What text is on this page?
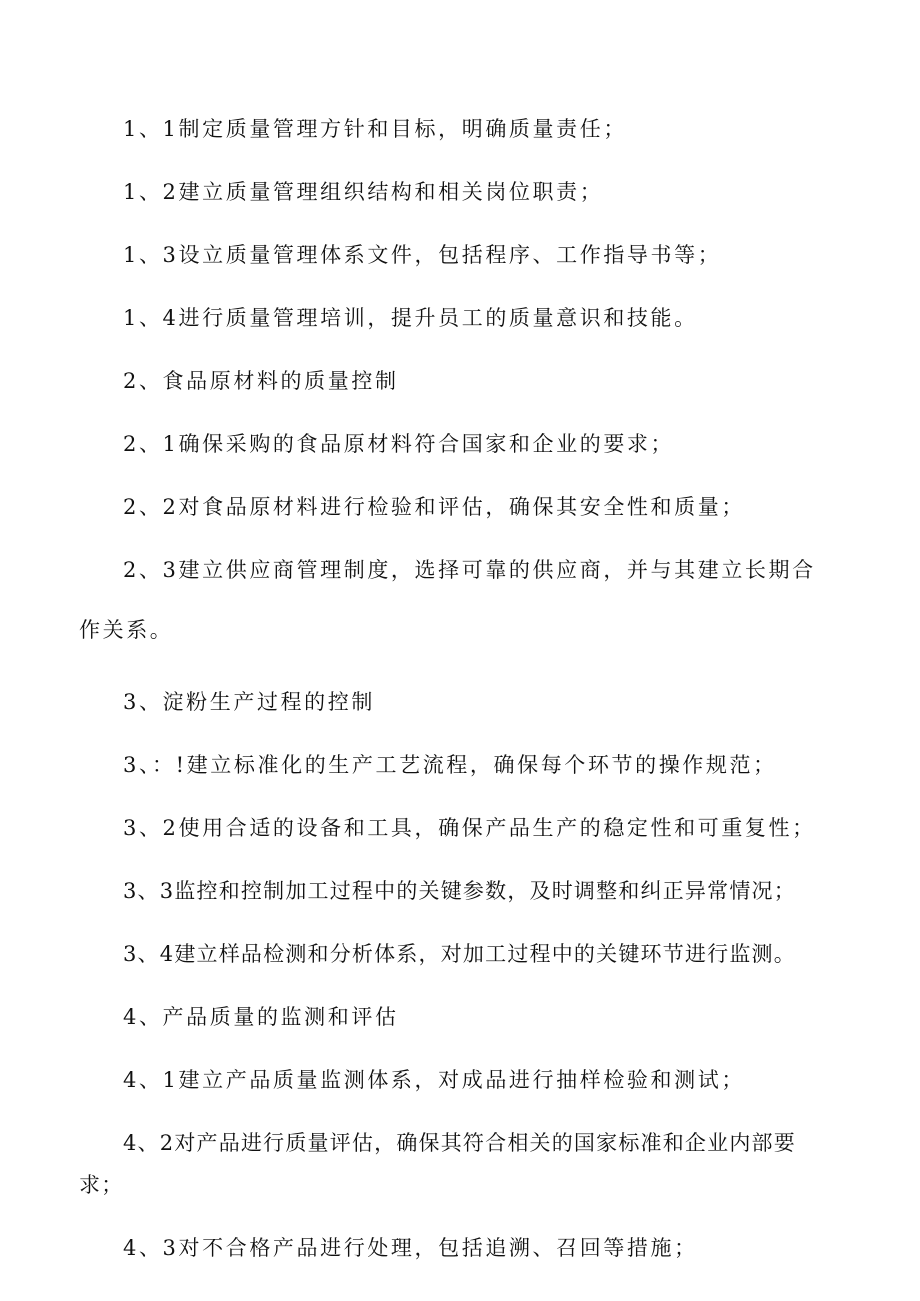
1、1制定质量管理方针和目标，明确质量责任；

1、2建立质量管理组织结构和相关岗位职责；

1、3设立质量管理体系文件，包括程序、工作指导书等；

1、4进行质量管理培训，提升员工的质量意识和技能。

2、食品原材料的质量控制

2、1确保采购的食品原材料符合国家和企业的要求；

2、2对食品原材料进行检验和评估，确保其安全性和质量；

2、3建立供应商管理制度，选择可靠的供应商，并与其建立长期合作关系。

3、淀粉生产过程的控制

3、：!建立标准化的生产工艺流程，确保每个环节的操作规范；

3、2使用合适的设备和工具，确保产品生产的稳定性和可重复性；

3、3监控和控制加工过程中的关键参数，及时调整和纠正异常情况；

3、4建立样品检测和分析体系，对加工过程中的关键环节进行监测。

4、产品质量的监测和评估

4、1建立产品质量监测体系，对成品进行抽样检验和测试；

4、2对产品进行质量评估，确保其符合相关的国家标准和企业内部要求；

4、3对不合格产品进行处理，包括追溯、召回等措施；
